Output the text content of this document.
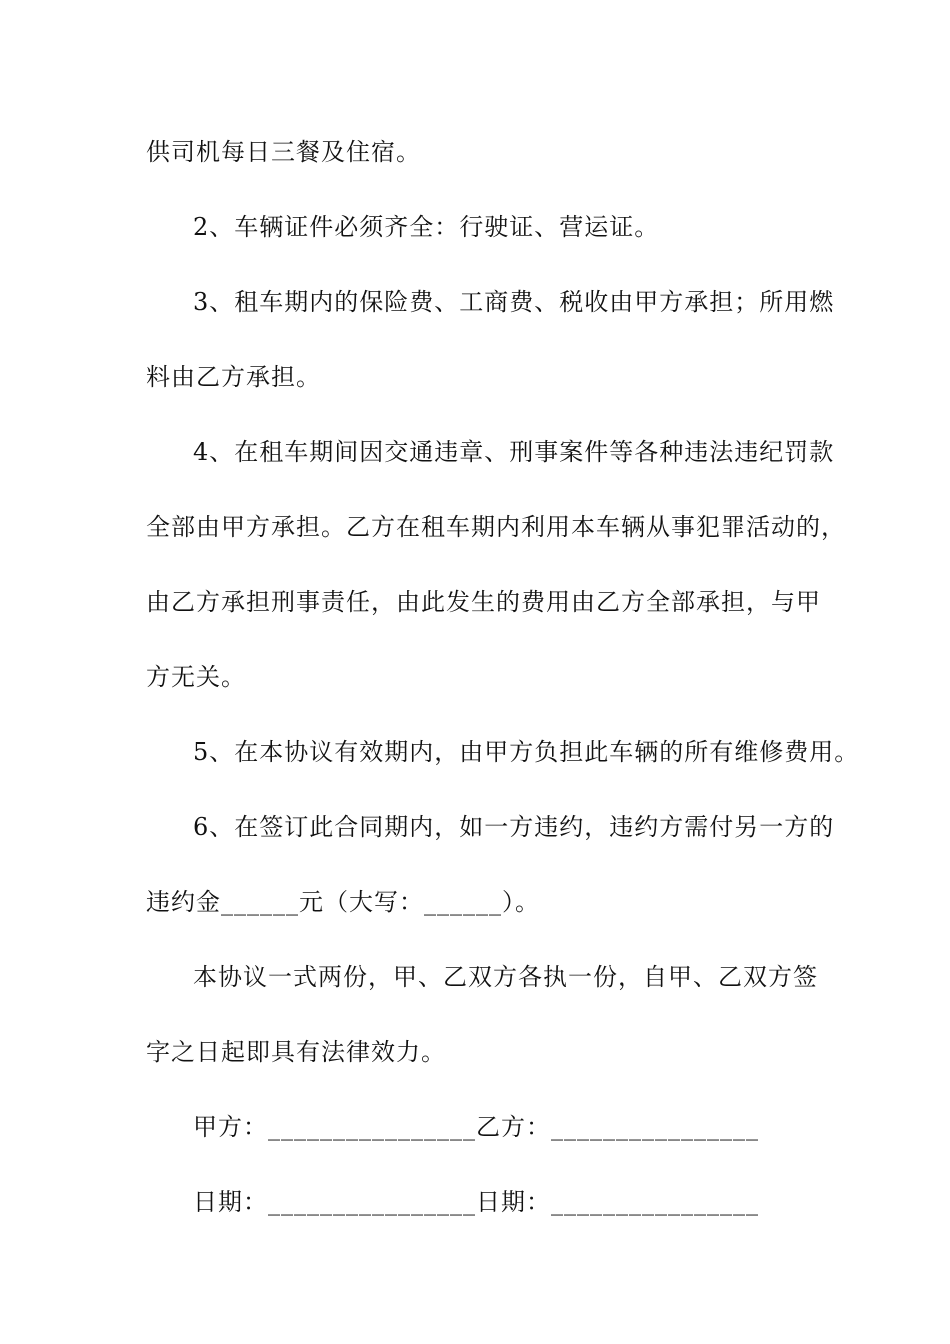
供司机每日三餐及住宿。
2、车辆证件必须齐全：行驶证、营运证。
3、租车期内的保险费、工商费、税收由甲方承担；所用燃
料由乙方承担。
4、在租车期间因交通违章、刑事案件等各种违法违纪罚款
全部由甲方承担。乙方在租车期内利用本车辆从事犯罪活动的，
由乙方承担刑事责任，由此发生的费用由乙方全部承担，与甲
方无关。
5、在本协议有效期内，由甲方负担此车辆的所有维修费用。
6、在签订此合同期内，如一方违约，违约方需付另一方的
违约金______元（大写：______）。
本协议一式两份，甲、乙双方各执一份，自甲、乙双方签
字之日起即具有法律效力。
甲方：________________乙方：________________
日期：________________日期：________________
